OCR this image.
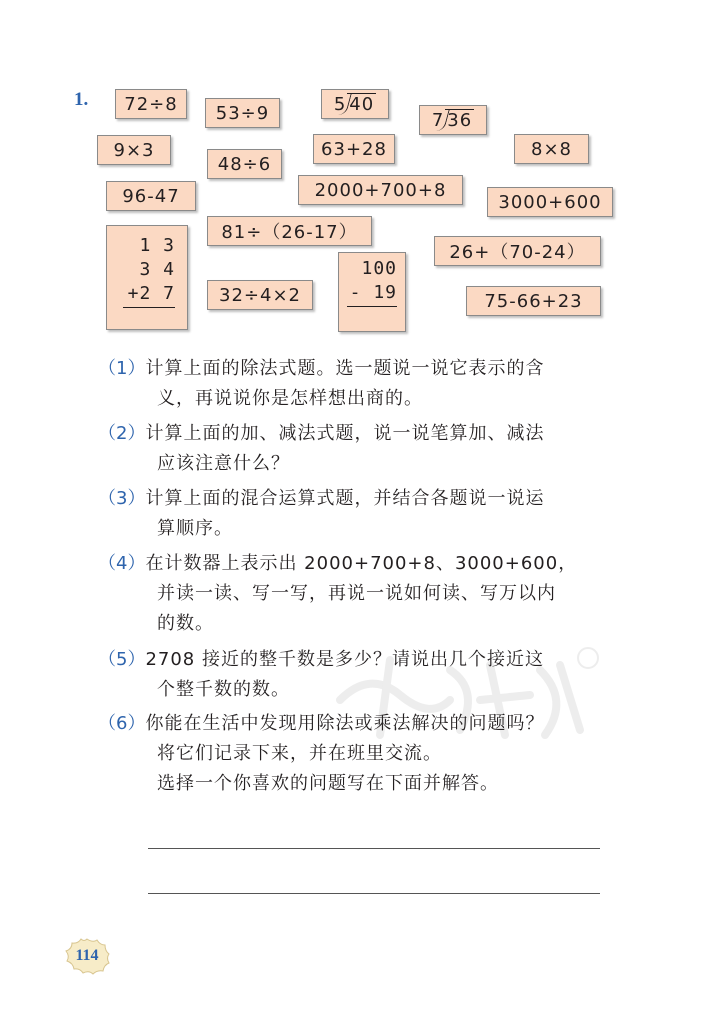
1.	72÷8	53÷9	5 40
7 36
9×3
48÷6
63+28	8×8
96-47	2000+700+8
3000+600
1 3
3 4
+2 7
81÷（26-17）
26+（70-24）
100
- 19
32÷4×2	75-66+23
（1）计算上面的除法式题。选一题说一说它表示的含
义，再说说你是怎样想出商的。
（2）计算上面的加、减法式题，说一说笔算加、减法
应该注意什么？
（3）计算上面的混合运算式题，并结合各题说一说运
算顺序。
（4）在计数器上表示出 2000+700+8、3000+600，
并读一读、写一写，再说一说如何读、写万以内
的数。
（5）2708 接近的整千数是多少？请说出几个接近这
个整千数的数。
（6）你能在生活中发现用除法或乘法解决的问题吗？
将它们记录下来，并在班里交流。
选择一个你喜欢的问题写在下面并解答。
114
